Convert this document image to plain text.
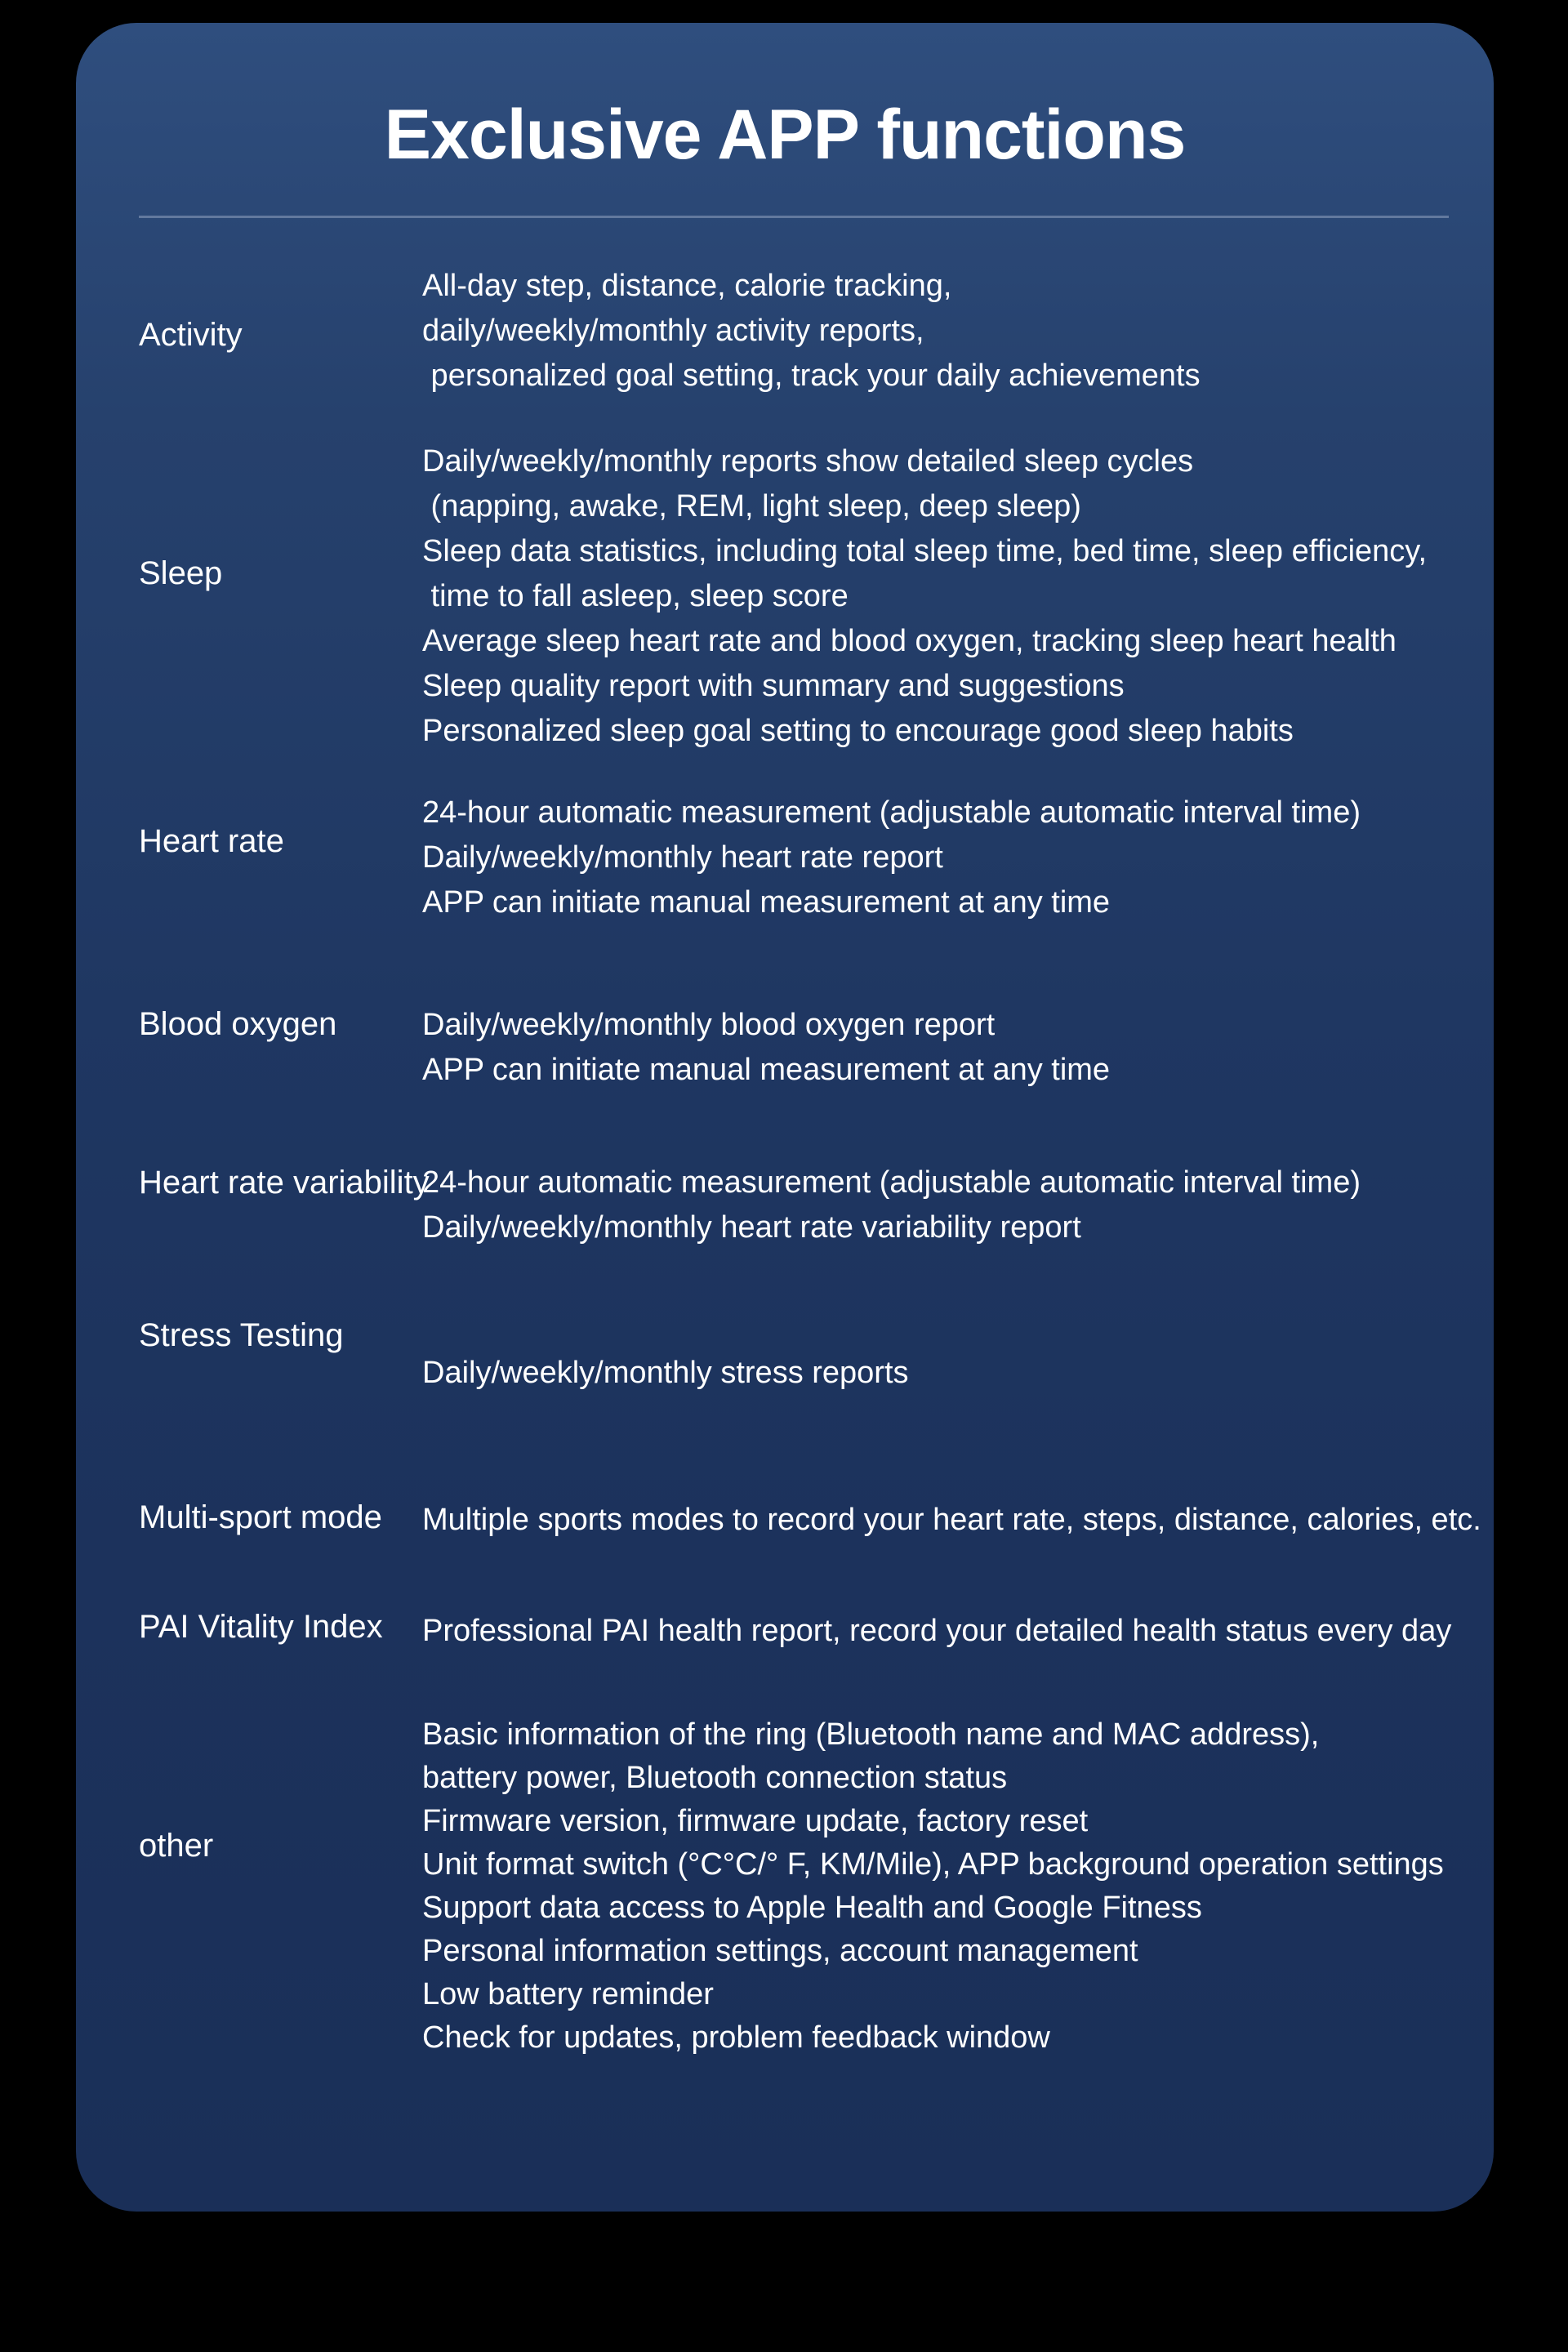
Exclusive APP functions
Activity
All-day step, distance, calorie tracking,
daily/weekly/monthly activity reports,
personalized goal setting, track your daily achievements
Sleep
Daily/weekly/monthly reports show detailed sleep cycles
(napping, awake, REM, light sleep, deep sleep)
Sleep data statistics, including total sleep time, bed time, sleep efficiency,
time to fall asleep, sleep score
Average sleep heart rate and blood oxygen, tracking sleep heart health
Sleep quality report with summary and suggestions
Personalized sleep goal setting to encourage good sleep habits
Heart rate
24-hour automatic measurement (adjustable automatic interval time)
Daily/weekly/monthly heart rate report
APP can initiate manual measurement at any time
Blood oxygen	Daily/weekly/monthly blood oxygen report
APP can initiate manual measurement at any time
Heart rate variability
24-hour automatic measurement (adjustable automatic interval time)
Daily/weekly/monthly heart rate variability report
Stress Testing
Daily/weekly/monthly stress reports
Multi-sport mode Multiple sports modes to record your heart rate, steps, distance, calories, etc.
PAI Vitality Index Professional PAI health report, record your detailed health status every day
other
Basic information of the ring (Bluetooth name and MAC address),
battery power, Bluetooth connection status
Firmware version, firmware update, factory reset
Unit format switch (°C°C/° F, KM/Mile), APP background operation settings
Support data access to Apple Health and Google Fitness
Personal information settings, account management
Low battery reminder
Check for updates, problem feedback window
